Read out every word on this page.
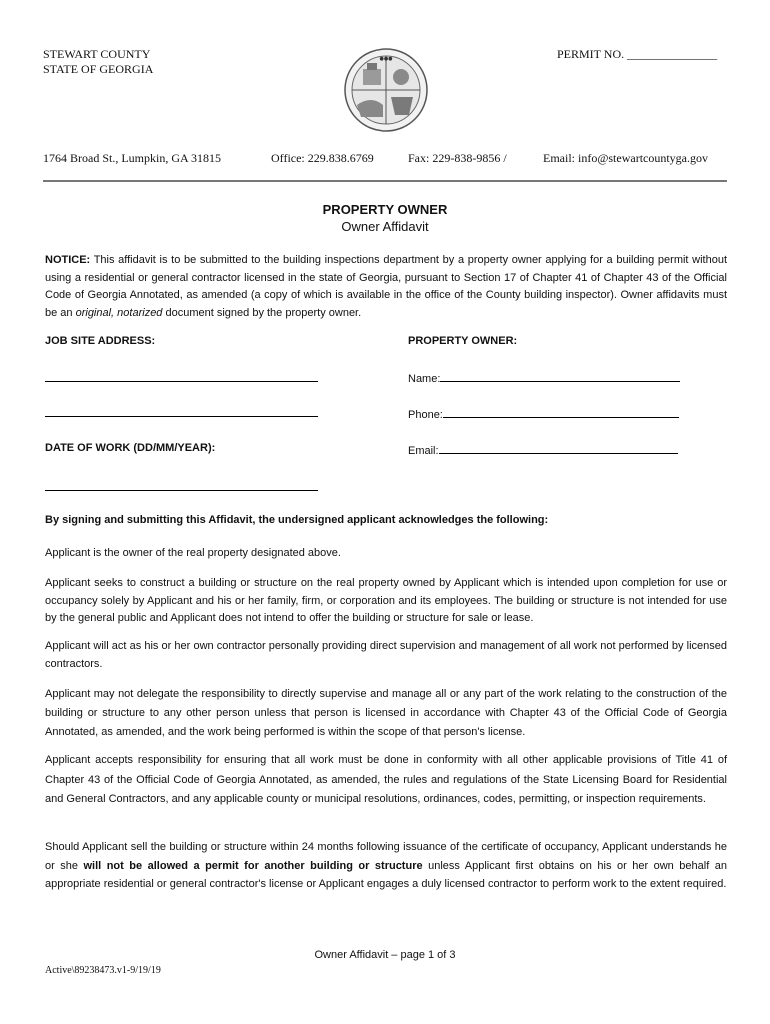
STEWART COUNTY
STATE OF GEORGIA
PERMIT NO. _______________
●●●
1764 Broad St., Lumpkin, GA 31815	Office: 229.838.6769	Fax: 229-838-9856 /	Email: info@stewartcountyga.gov
PROPERTY OWNER
Owner Affidavit
NOTICE: This affidavit is to be submitted to the building inspections department by a property owner applying for a building permit without using a residential or general contractor licensed in the state of Georgia, pursuant to Section 17 of Chapter 41 of Chapter 43 of the Official Code of Georgia Annotated, as amended (a copy of which is available in the office of the County building inspector). Owner affidavits must be an original, notarized document signed by the property owner.
JOB SITE ADDRESS:	PROPERTY OWNER:
Name:
Phone:
Email:
DATE OF WORK (DD/MM/YEAR):
By signing and submitting this Affidavit, the undersigned applicant acknowledges the following:
Applicant is the owner of the real property designated above.
Applicant seeks to construct a building or structure on the real property owned by Applicant which is intended upon completion for use or occupancy solely by Applicant and his or her family, firm, or corporation and its employees. The building or structure is not intended for use by the general public and Applicant does not intend to offer the building or structure for sale or lease.
Applicant will act as his or her own contractor personally providing direct supervision and management of all work not performed by licensed contractors.
Applicant may not delegate the responsibility to directly supervise and manage all or any part of the work relating to the construction of the building or structure to any other person unless that person is licensed in accordance with Chapter 43 of the Official Code of Georgia Annotated, as amended, and the work being performed is within the scope of that person's license.
Applicant accepts responsibility for ensuring that all work must be done in conformity with all other applicable provisions of Title 41 of Chapter 43 of the Official Code of Georgia Annotated, as amended, the rules and regulations of the State Licensing Board for Residential and General Contractors, and any applicable county or municipal resolutions, ordinances, codes, permitting, or inspection requirements.
Should Applicant sell the building or structure within 24 months following issuance of the certificate of occupancy, Applicant understands he or she will not be allowed a permit for another building or structure unless Applicant first obtains on his or her own behalf an appropriate residential or general contractor's license or Applicant engages a duly licensed contractor to perform work to the extent required.
Owner Affidavit – page 1 of 3
Active\89238473.v1-9/19/19
